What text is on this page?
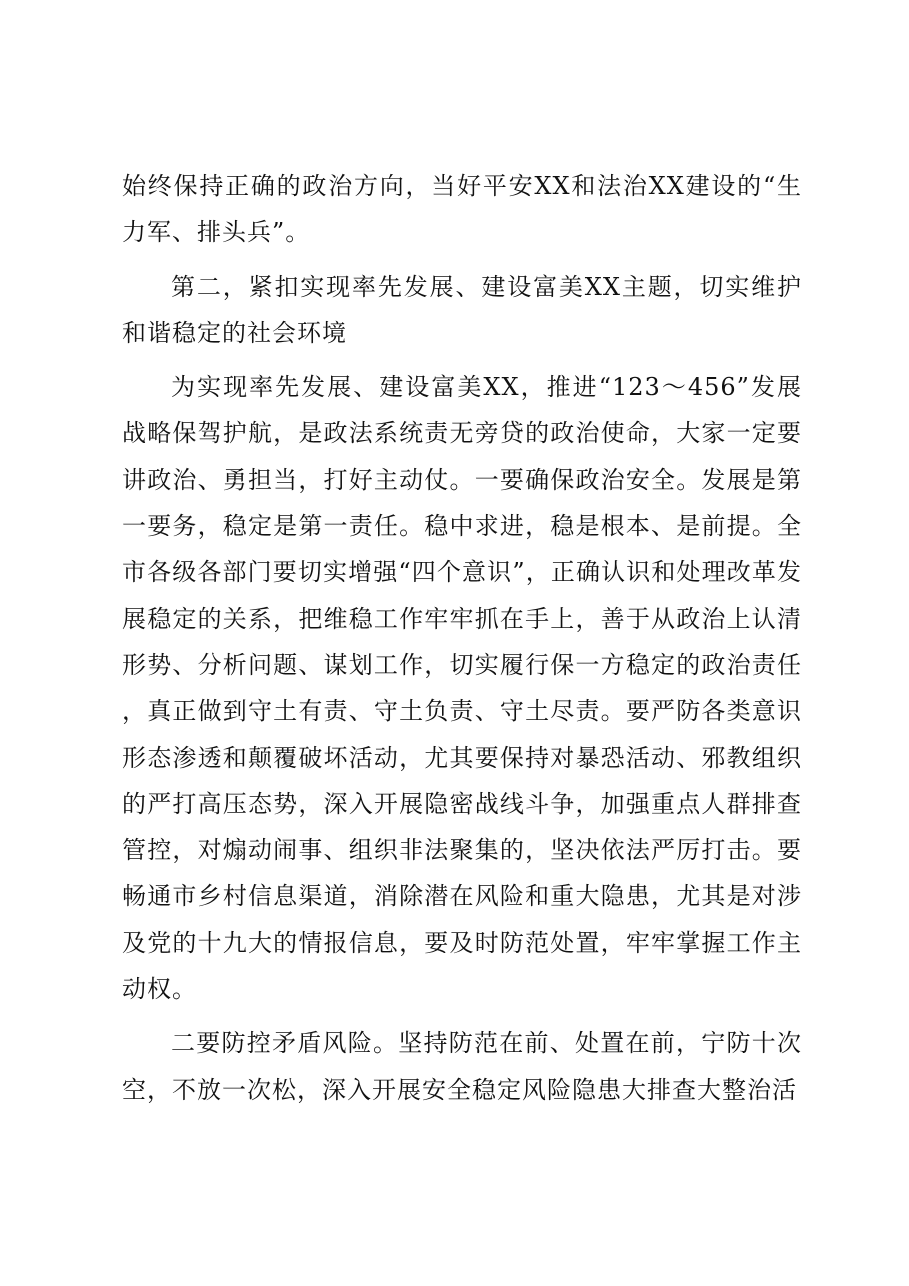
始终保持正确的政治方向，当好平安XX和法治XX建设的“生力军、排头兵”。

第二，紧扣实现率先发展、建设富美XX主题，切实维护和谐稳定的社会环境

为实现率先发展、建设富美XX，推进“123～456”发展战略保驾护航，是政法系统责无旁贷的政治使命，大家一定要讲政治、勇担当，打好主动仗。一要确保政治安全。发展是第一要务，稳定是第一责任。稳中求进，稳是根本、是前提。全市各级各部门要切实增强“四个意识”，正确认识和处理改革发展稳定的关系，把维稳工作牢牢抓在手上，善于从政治上认清形势、分析问题、谋划工作，切实履行保一方稳定的政治责任，真正做到守土有责、守土负责、守土尽责。要严防各类意识形态渗透和颠覆破坏活动，尤其要保持对暴恐活动、邪教组织的严打高压态势，深入开展隐密战线斗争，加强重点人群排查管控，对煽动闹事、组织非法聚集的，坚决依法严厉打击。要畅通市乡村信息渠道，消除潜在风险和重大隐患，尤其是对涉及党的十九大的情报信息，要及时防范处置，牢牢掌握工作主动权。

二要防控矛盾风险。坚持防范在前、处置在前，宁防十次空，不放一次松，深入开展安全稳定风险隐患大排查大整治活
